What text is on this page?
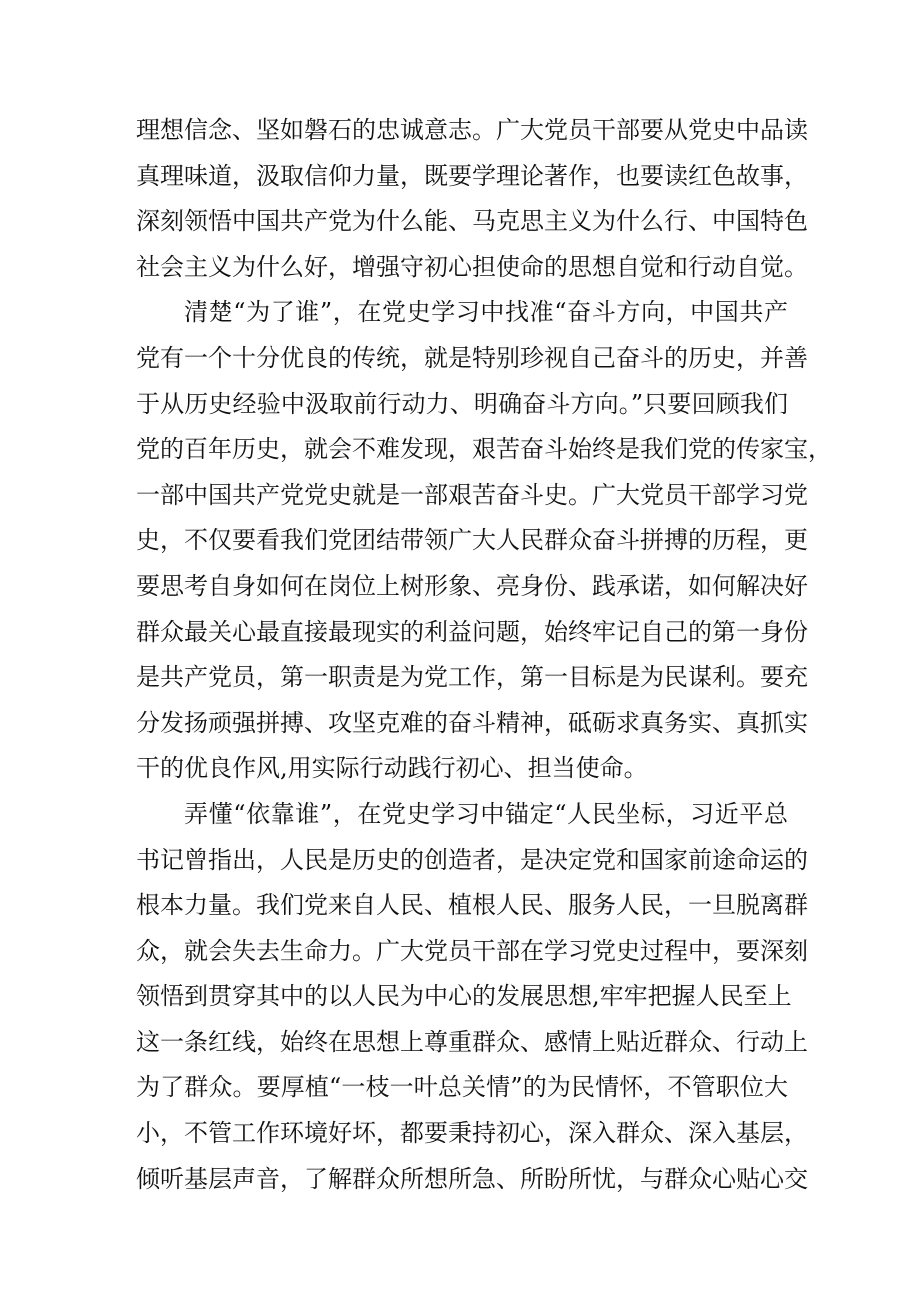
理想信念、坚如磐石的忠诚意志。广大党员干部要从党史中品读
真理味道，汲取信仰力量，既要学理论著作，也要读红色故事，
深刻领悟中国共产党为什么能、马克思主义为什么行、中国特色
社会主义为什么好，增强守初心担使命的思想自觉和行动自觉。
清楚“为了谁”，在党史学习中找准“奋斗方向，中国共产
党有一个十分优良的传统，就是特别珍视自己奋斗的历史，并善
于从历史经验中汲取前行动力、明确奋斗方向。”只要回顾我们
党的百年历史，就会不难发现，艰苦奋斗始终是我们党的传家宝，
一部中国共产党党史就是一部艰苦奋斗史。广大党员干部学习党
史，不仅要看我们党团结带领广大人民群众奋斗拼搏的历程，更
要思考自身如何在岗位上树形象、亮身份、践承诺，如何解决好
群众最关心最直接最现实的利益问题，始终牢记自己的第一身份
是共产党员，第一职责是为党工作，第一目标是为民谋利。要充
分发扬顽强拼搏、攻坚克难的奋斗精神，砥砺求真务实、真抓实
干的优良作风,用实际行动践行初心、担当使命。
弄懂“依靠谁”，在党史学习中锚定“人民坐标，习近平总
书记曾指出，人民是历史的创造者，是决定党和国家前途命运的
根本力量。我们党来自人民、植根人民、服务人民，一旦脱离群
众，就会失去生命力。广大党员干部在学习党史过程中，要深刻
领悟到贯穿其中的以人民为中心的发展思想,牢牢把握人民至上
这一条红线，始终在思想上尊重群众、感情上贴近群众、行动上
为了群众。要厚植“一枝一叶总关情”的为民情怀，不管职位大
小，不管工作环境好坏，都要秉持初心，深入群众、深入基层，
倾听基层声音，了解群众所想所急、所盼所忧，与群众心贴心交
